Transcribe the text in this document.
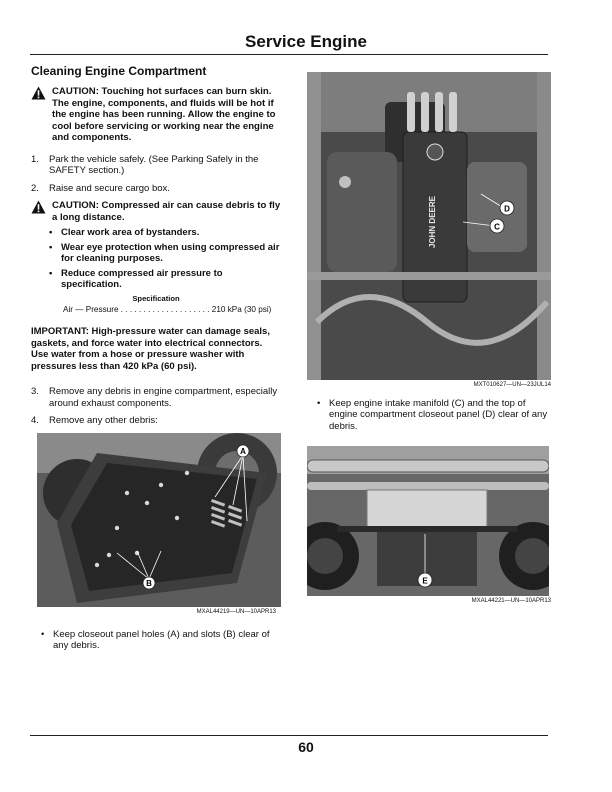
Service Engine
Cleaning Engine Compartment
CAUTION: Touching hot surfaces can burn skin. The engine, components, and fluids will be hot if the engine has been running. Allow the engine to cool before servicing or working near the engine and components.
1.	Park the vehicle safely. (See Parking Safely in the SAFETY section.)
2.	Raise and secure cargo box.
CAUTION: Compressed air can cause debris to fly a long distance.
• Clear work area of bystanders.
• Wear eye protection when using compressed air for cleaning purposes.
• Reduce compressed air pressure to specification.
Specification
Air — Pressure . . . . . . . . . . . . . . . . . . . . 210 kPa (30 psi)
IMPORTANT: High-pressure water can damage seals, gaskets, and force water into electrical connectors. Use water from a hose or pressure washer with pressures less than 420 kPa (60 psi).
3.	Remove any debris in engine compartment, especially around exhaust components.
4.	Remove any other debris:
A
B
MXAL44219—UN—10APR13
• Keep closeout panel holes (A) and slots (B) clear of any debris.
JOHN DEERE	D
C
MXT010627—UN—23JUL14
• Keep engine intake manifold (C) and the top of engine compartment closeout panel (D) clear of any debris.
E
MXAL44221—UN—10APR13
60
